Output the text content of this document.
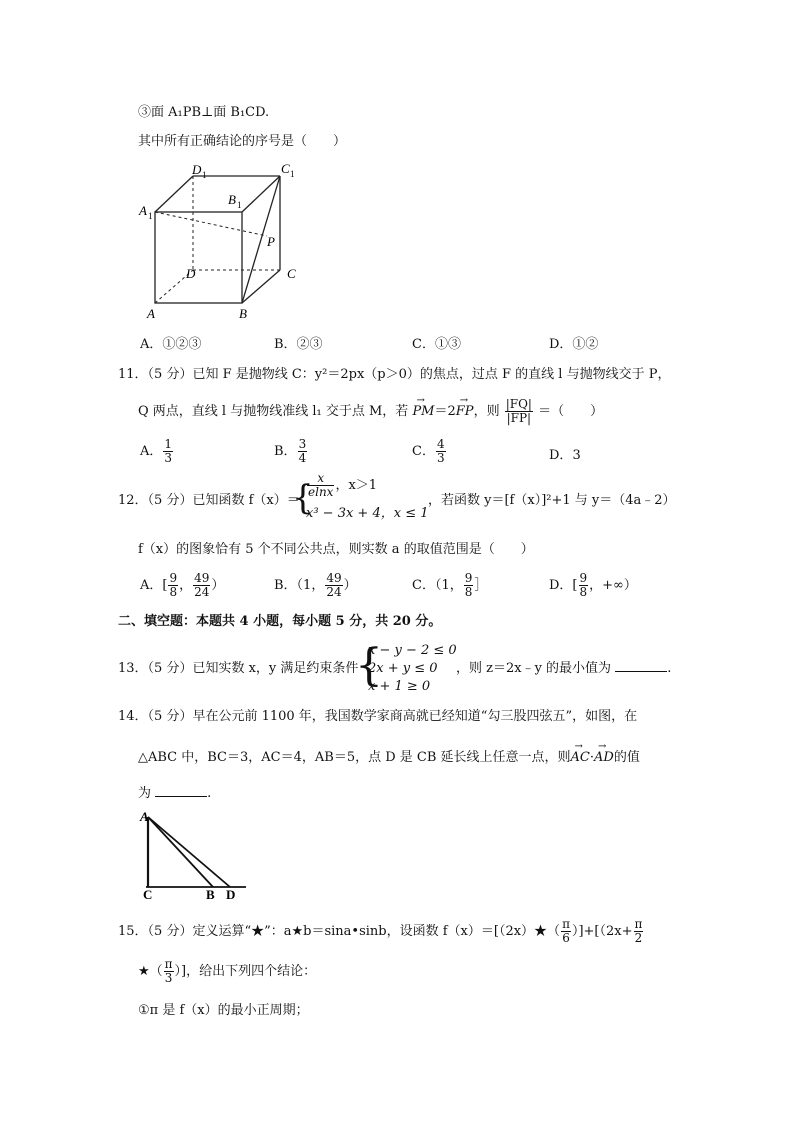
③面 A₁PB⊥面 B₁CD.
其中所有正确结论的序号是（　　）
D 1	C 1
B 1
A 1
P
D	C
A	B
A．①②③	B．②③	C．①③	D．①②
11．（5 分）已知 F 是抛物线 C：y²＝2px（p＞0）的焦点，过点 F 的直线 l 与抛物线交于 P，
Q 两点，直线 l 与抛物线准线 l₁ 交于点 M，若
→
PM＝2
→
FP，则 $\frac{|FQ|}{|FP|}$ ＝（　　）
A． $\frac{1}{3}$	B． $\frac{3}{4}$	C． $\frac{4}{3}$	D．3
12．（5 分）已知函数 f（x）＝
{
$\frac{x}{elnx}$ ，x＞1
x³ − 3x + 4，x ≤ 1
，若函数 y＝[f（x）]²+1 与 y＝（4a﹣2）
f（x）的图象恰有 5 个不同公共点，则实数 a 的取值范围是（　　）
A．[ $\frac{9}{8}$ ， $\frac{49}{24}$ ）	B．（1， $\frac{49}{24}$ ）	C．（1， $\frac{9}{8}$ ］	D．[ $\frac{9}{8}$ ，+∞）
二、填空题：本题共 4 小题，每小题 5 分，共 20 分。
13．（5 分）已知实数 x，y 满足约束条件
{
x − y − 2 ≤ 0
2x + y ≤ 0
x + 1 ≥ 0
，则 z＝2x﹣y 的最小值为	.
14．（5 分）早在公元前 1100 年，我国数学家商高就已经知道“勾三股四弦五”，如图，在
△ABC 中，BC＝3，AC＝4，AB＝5，点 D 是 CB 延长线上任意一点，则
→
AC·
→
AD的值
为	.
A
C	B D
15．（5 分）定义运算“★”：a★b＝sina•sinb，设函数 f（x）＝[（2x）★（ $\frac{\pi}{6} )]+[(2x+ \frac{\pi}{2}$
★（ $\frac{\pi}{3}$ ）]，给出下列四个结论：
①π 是 f（x）的最小正周期；
